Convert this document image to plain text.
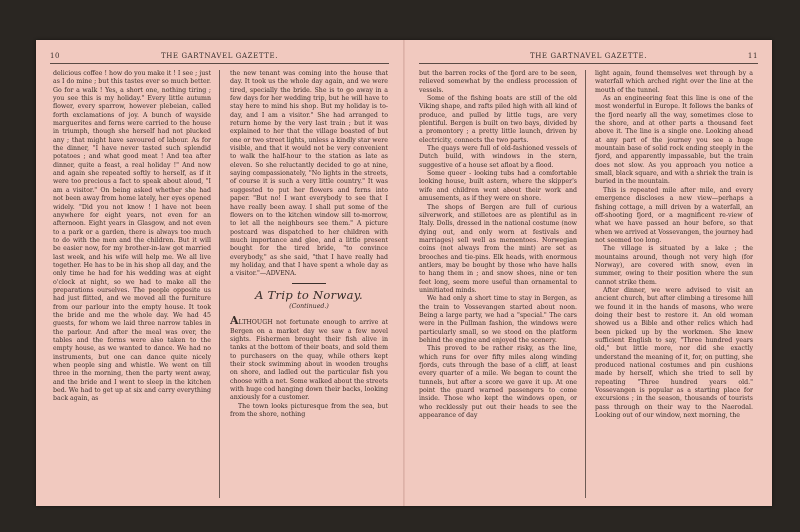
10	THE GARTNAVEL GAZETTE.

delicious coffee ! how do you make it ! I see ; just as I do mine ; but this tastes ever so much better. Go for a walk ! Yes, a short one, nothing tiring ; you see this is my holiday." Every little autumn flower, every sparrow, however plebeian, called forth exclamations of joy. A bunch of wayside marguerites and ferns were carried to the house in triumph, though she herself had not plucked any ; that might have savoured of labour. As for the dinner, "I have never tasted such splendid potatoes ; and what good meat ! And tea after dinner, quite a feast, a real holiday !" And now and again she repeated softly to herself, as if it were too precious a fact to speak about aloud, "I am a visitor." On being asked whether she had not been away from home lately, her eyes opened widely. "Did you not know ! I have not been anywhere for eight years, not even for an afternoon. Eight years in Glasgow, and not even to a park or a garden, there is always too much to do with the men and the children. But it will be easier now, for my brother-in-law got married last week, and his wife will help me. We all live together. He has to be in his shop all day, and the only time he had for his wedding was at eight o'clock at night, so we had to make all the preparations ourselves. The people opposite us had just flitted, and we moved all the furniture from our parlour into the empty house. It took the bride and me the whole day. We had 45 guests, for whom we laid three narrow tables in the parlour. And after the meal was over, the tables and the forms were also taken to the empty house, as we wanted to dance. We had no instruments, but one can dance quite nicely when people sing and whistle. We went on till three in the morning, then the party went away, and the bride and I went to sleep in the kitchen bed. We had to get up at six and carry everything back again, as

the new tenant was coming into the house that day. It took us the whole day again, and we were tired, specially the bride. She is to go away in a few days for her wedding trip, but he will have to stay here to mind his shop. But my holiday is to-day, and I am a visitor." She had arranged to return home by the very last train ; but it was explained to her that the village boasted of but one or two street lights, unless a kindly star were visible, and that it would not be very convenient to walk the half-hour to the station as late as eleven. So she reluctantly decided to go at nine, saying compassionately, "No lights in the streets, of course it is such a very little country." It was suggested to put her flowers and ferns into paper. "But no! I want everybody to see that I have really been away. I shall put some of the flowers on to the kitchen window sill to-morrow, to let all the neighbours see them." A picture postcard was dispatched to her children with much importance and glee, and a little present bought for the tired bride, "to convince everybody," as she said, "that I have really had my holiday, and that I have spent a whole day as a visitor."—ADVENA.

A Trip to Norway.
(Continued.)

ALTHOUGH not fortunate enough to arrive at Bergen on a market day we saw a few novel sights. Fishermen brought their fish alive in tanks at the bottom of their boats, and sold them to purchasers on the quay, while others kept their stock swimming about in wooden troughs on shore, and ladled out the particular fish you choose with a net. Some walked about the streets with huge cod hanging down their backs, looking anxiously for a customer.

The town looks picturesque from the sea, but from the shore, nothing

THE GARTNAVEL GAZETTE.	11

but the barren rocks of the fjord are to be seen, relieved somewhat by the endless procession of vessels.

Some of the fishing boats are still of the old Viking shape, and rafts piled high with all kind of produce, and pulled by little tugs, are very plentiful. Bergen is built on two bays, divided by a promontory ; a pretty little launch, driven by electricity, connects the two parts.

The quays were full of old-fashioned vessels of Dutch build, with windows in the stern, suggestive of a house set afloat by a flood.

Some queer - looking tubs had a comfortable looking house, built astern, where the skipper's wife and children went about their work and amusements, as if they were on shore.

The shops of Bergen are full of curious silverwork, and stilletoes are as plentiful as in Italy. Dolls, dressed in the national costume (now dying out, and only worn at festivals and marriages) sell well as mementoes. Norwegian coins (not always from the mint) are set as brooches and tie-pins. Elk heads, with enormous antlers, may be bought by those who have halls to hang them in ; and snow shoes, nine or ten feet long, seem more useful than ornamental to uninitiated minds.

We had only a short time to stay in Bergen, as the train to Vossevangen started about noon. Being a large party, we had a "special." The cars were in the Pullman fashion, the windows were particularly small, so we stood on the platform behind the engine and enjoyed the scenery.

This proved to be rather risky, as the line, which runs for over fifty miles along winding fjords, cuts through the base of a cliff, at least every quarter of a mile. We began to count the tunnels, but after a score we gave it up. At one point the guard warned passengers to come inside. Those who kept the windows open, or who recklessly put out their heads to see the appearance of day

light again, found themselves wet through by a waterfall which arched right over the line at the mouth of the tunnel.

As an engineering feat this line is one of the most wonderful in Europe. It follows the banks of the fjord nearly all the way, sometimes close to the shore, and at other parts a thousand feet above it. The line is a single one. Looking ahead at any part of the journey you see a huge mountain base of solid rock ending steeply in the fjord, and apparently impassable, but the train does not slow. As you approach you notice a small, black square, and with a shriek the train is buried in the mountain.

This is repeated mile after mile, and every emergence discloses a new view—perhaps a fishing cottage, a mill driven by a waterfall, an off-shooting fjord, or a magnificent re-view of what we have passed an hour before, so that when we arrived at Vossevangen, the journey had not seemed too long.

The village is situated by a lake ; the mountains around, though not very high (for Norway), are covered with snow, even in summer, owing to their position where the sun cannot strike them.

After dinner, we were advised to visit an ancient church, but after climbing a tiresome hill we found it in the hands of masons, who were doing their best to restore it. An old woman showed us a Bible and other relics which had been picked up by the workmen. She knew sufficient English to say, "Three hundred years old," but little more, nor did she exactly understand the meaning of it, for, on putting, she produced national costumes and pin cushions made by herself, which she tried to sell by repeating "Three hundred years old." Vossevangen is popular as a starting place for excursions ; in the season, thousands of tourists pass through on their way to the Naerodal. Looking out of our window, next morning, the
